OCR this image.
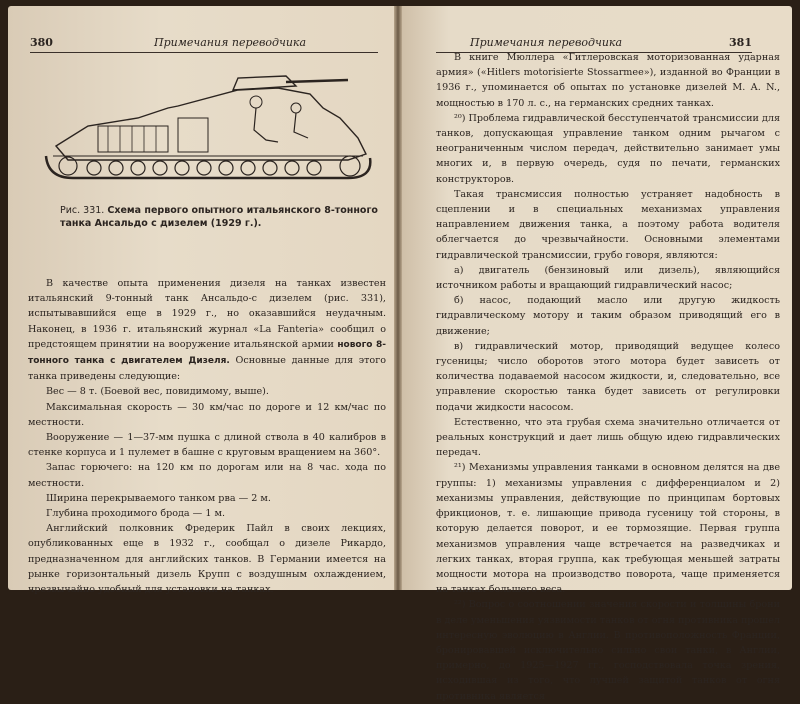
380	Примечания переводчика
Рис. 331. Схема первого опытного итальянского 8-тонного танка Ансальдо с дизелем (1929 г.).

В качестве опыта применения дизеля на танках известен итальянский 9-тонный танк Ансальдо-с дизелем (рис. 331), испытывавшийся еще в 1929 г., но оказавшийся неудачным. Наконец, в 1936 г. итальянский журнал «La Fanteria» сообщил о предстоящем принятии на вооружение итальянской армии нового 8-тонного танка с двигателем Дизеля. Основные данные для этого танка приведены следующие:

Вес — 8 т. (Боевой вес, повидимому, выше).

Максимальная скорость — 30 км/час по дороге и 12 км/час по местности.

Вооружение — 1—37-мм пушка с длиной ствола в 40 калибров в стенке корпуса и 1 пулемет в башне с круговым вращением на 360°.

Запас горючего: на 120 км по дорогам или на 8 час. хода по местности.

Ширина перекрываемого танком рва — 2 м.

Глубина проходимого брода — 1 м.

Английский полковник Фредерик Пайл в своих лекциях, опубликованных еще в 1932 г., сообщал о дизеле Рикардо, предназначенном для английских танков. В Германии имеется на рынке горизонтальный дизель Крупп с воздушным охлаждением, чрезвычайно удобный для установки на танках.

Примечания переводчика	381

В книге Мюллера «Гитлеровская моторизованная ударная армия» («Hitlers motorisierte Stossarmee»), изданной во Франции в 1936 г., упоминается об опытах по установке дизелей М. А. N., мощностью в 170 л. с., на германских средних танках.

²⁰) Проблема гидравлической бесступенчатой трансмиссии для танков, допускающая управление танком одним рычагом с неограниченным числом передач, действительно занимает умы многих и, в первую очередь, судя по печати, германских конструкторов.

Такая трансмиссия полностью устраняет надобность в сцеплении и в специальных механизмах управления направлением движения танка, а поэтому работа водителя облегчается до чрезвычайности. Основными элементами гидравлической трансмиссии, грубо говоря, являются:

а) двигатель (бензиновый или дизель), являющийся источником работы и вращающий гидравлический насос;

б) насос, подающий масло или другую жидкость гидравлическому мотору и таким образом приводящий его в движение;

в) гидравлический мотор, приводящий ведущее колесо гусеницы; число оборотов этого мотора будет зависеть от количества подаваемой насосом жидкости, и, следовательно, все управление скоростью танка будет зависеть от регулировки подачи жидкости насосом.

Естественно, что эта грубая схема значительно отличается от реальных конструкций и дает лишь общую идею гидравлических передач.

²¹) Механизмы управления танками в основном делятся на две группы: 1) механизмы управления с дифференциалом и 2) механизмы управления, действующие по принципам бортовых фрикционов, т. е. лишающие привода гусеницу той стороны, в которую делается поворот, и ее тормозящие. Первая группа механизмов управления чаще встречается на разведчиках и легких танках, вторая группа, как требующая меньшей затраты мощности мотора на производство поворота, чаще применяется на танках большего веса.

²²) Вопрос о соотношении значения скорости и толщины брони в деле уменьшения уязвимости танков от огня противника прошел интересную эволюцию в Англии. В противоположность Франции, бронировавшей исключительно сильно свои танки, в Англии, примерно, до 1925—1927 гг., господствовала точка зрения, исходившая из того, что лучшей защитой танков от огня противника является
